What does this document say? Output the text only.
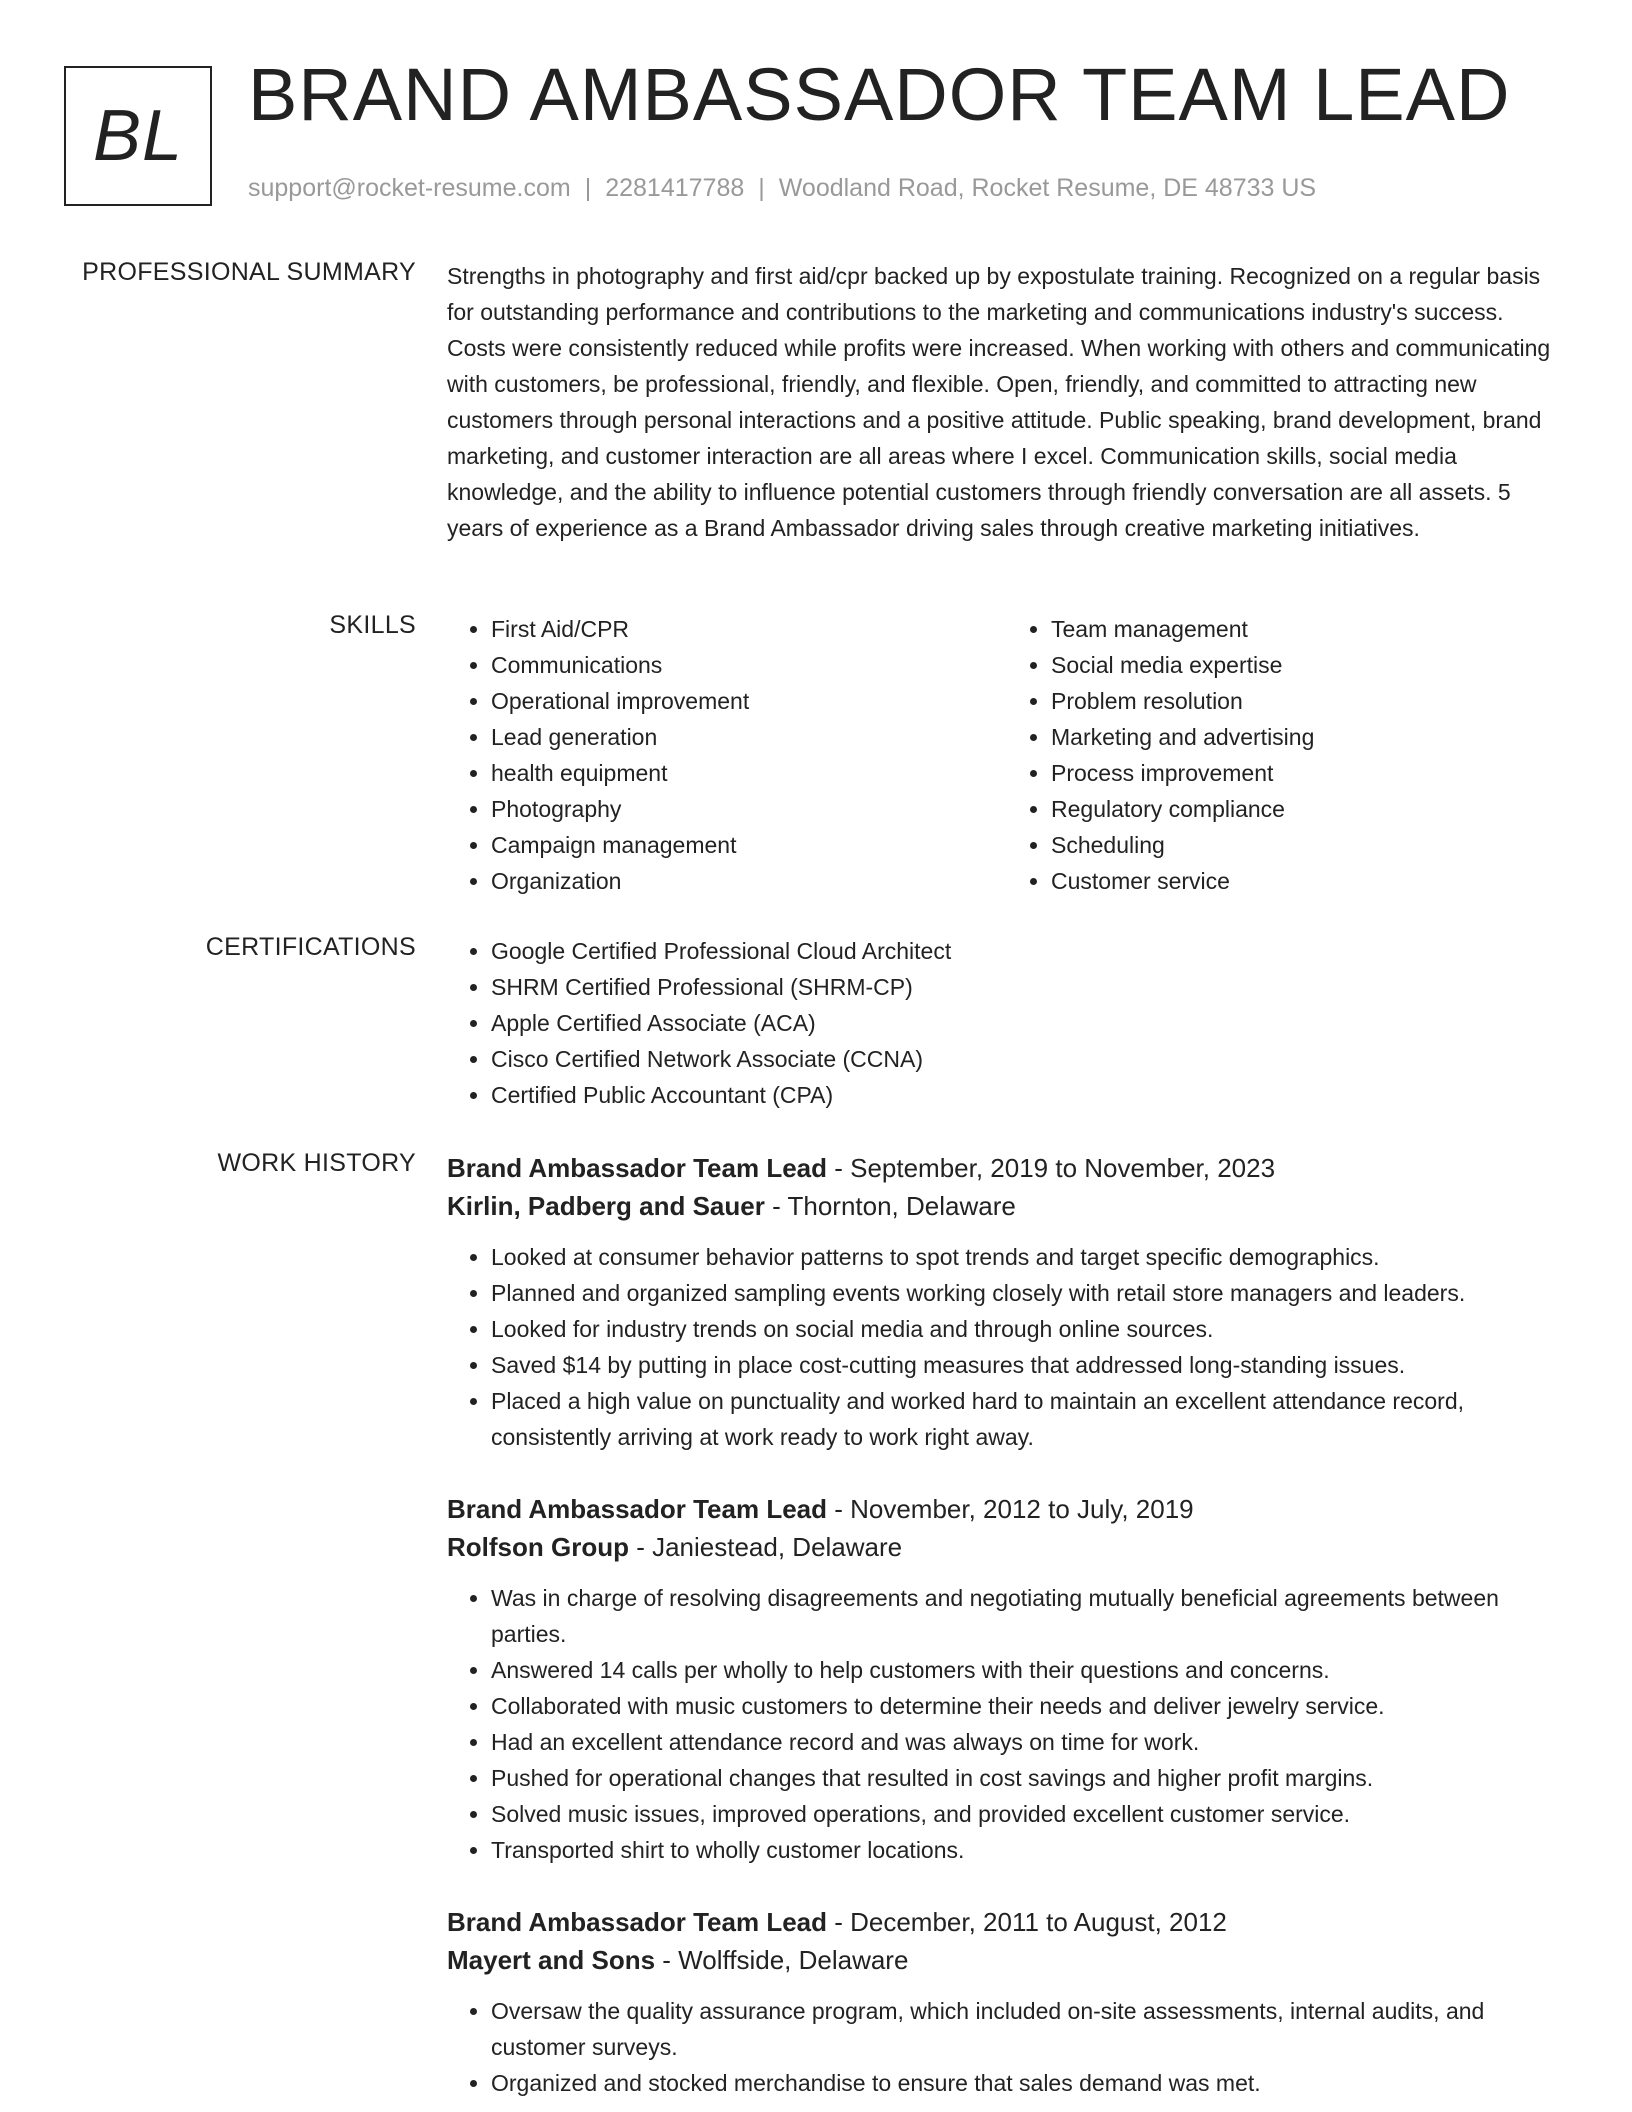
BL BRAND AMBASSADOR TEAM LEAD
support@rocket-resume.com | 2281417788 | Woodland Road, Rocket Resume, DE 48733 US
PROFESSIONAL SUMMARY Strengths in photography and first aid/cpr backed up by expostulate training. Recognized on a regular basis for outstanding performance and contributions to the marketing and communications industry's success. Costs were consistently reduced while profits were increased. When working with others and communicating with customers, be professional, friendly, and flexible. Open, friendly, and committed to attracting new customers through personal interactions and a positive attitude. Public speaking, brand development, brand marketing, and customer interaction are all areas where I excel. Communication skills, social media knowledge, and the ability to influence potential customers through friendly conversation are all assets. 5 years of experience as a Brand Ambassador driving sales through creative marketing initiatives.
SKILLS	• First Aid/CPR
• Communications
• Operational improvement
• Lead generation
• health equipment
• Photography
• Campaign management
• Organization
• Team management
• Social media expertise
• Problem resolution
• Marketing and advertising
• Process improvement
• Regulatory compliance
• Scheduling
• Customer service
CERTIFICATIONS	• Google Certified Professional Cloud Architect
• SHRM Certified Professional (SHRM-CP)
• Apple Certified Associate (ACA)
• Cisco Certified Network Associate (CCNA)
• Certified Public Accountant (CPA)
WORK HISTORY Brand Ambassador Team Lead - September, 2019 to November, 2023
Kirlin, Padberg and Sauer - Thornton, Delaware
• Looked at consumer behavior patterns to spot trends and target specific demographics.
• Planned and organized sampling events working closely with retail store managers and leaders.
• Looked for industry trends on social media and through online sources.
• Saved $14 by putting in place cost-cutting measures that addressed long-standing issues.
• Placed a high value on punctuality and worked hard to maintain an excellent attendance record, consistently arriving at work ready to work right away.
Brand Ambassador Team Lead - November, 2012 to July, 2019
Rolfson Group - Janiestead, Delaware
• Was in charge of resolving disagreements and negotiating mutually beneficial agreements between parties.
• Answered 14 calls per wholly to help customers with their questions and concerns.
• Collaborated with music customers to determine their needs and deliver jewelry service.
• Had an excellent attendance record and was always on time for work.
• Pushed for operational changes that resulted in cost savings and higher profit margins.
• Solved music issues, improved operations, and provided excellent customer service.
• Transported shirt to wholly customer locations.
Brand Ambassador Team Lead - December, 2011 to August, 2012
Mayert and Sons - Wolffside, Delaware
• Oversaw the quality assurance program, which included on-site assessments, internal audits, and customer surveys.
• Organized and stocked merchandise to ensure that sales demand was met.
